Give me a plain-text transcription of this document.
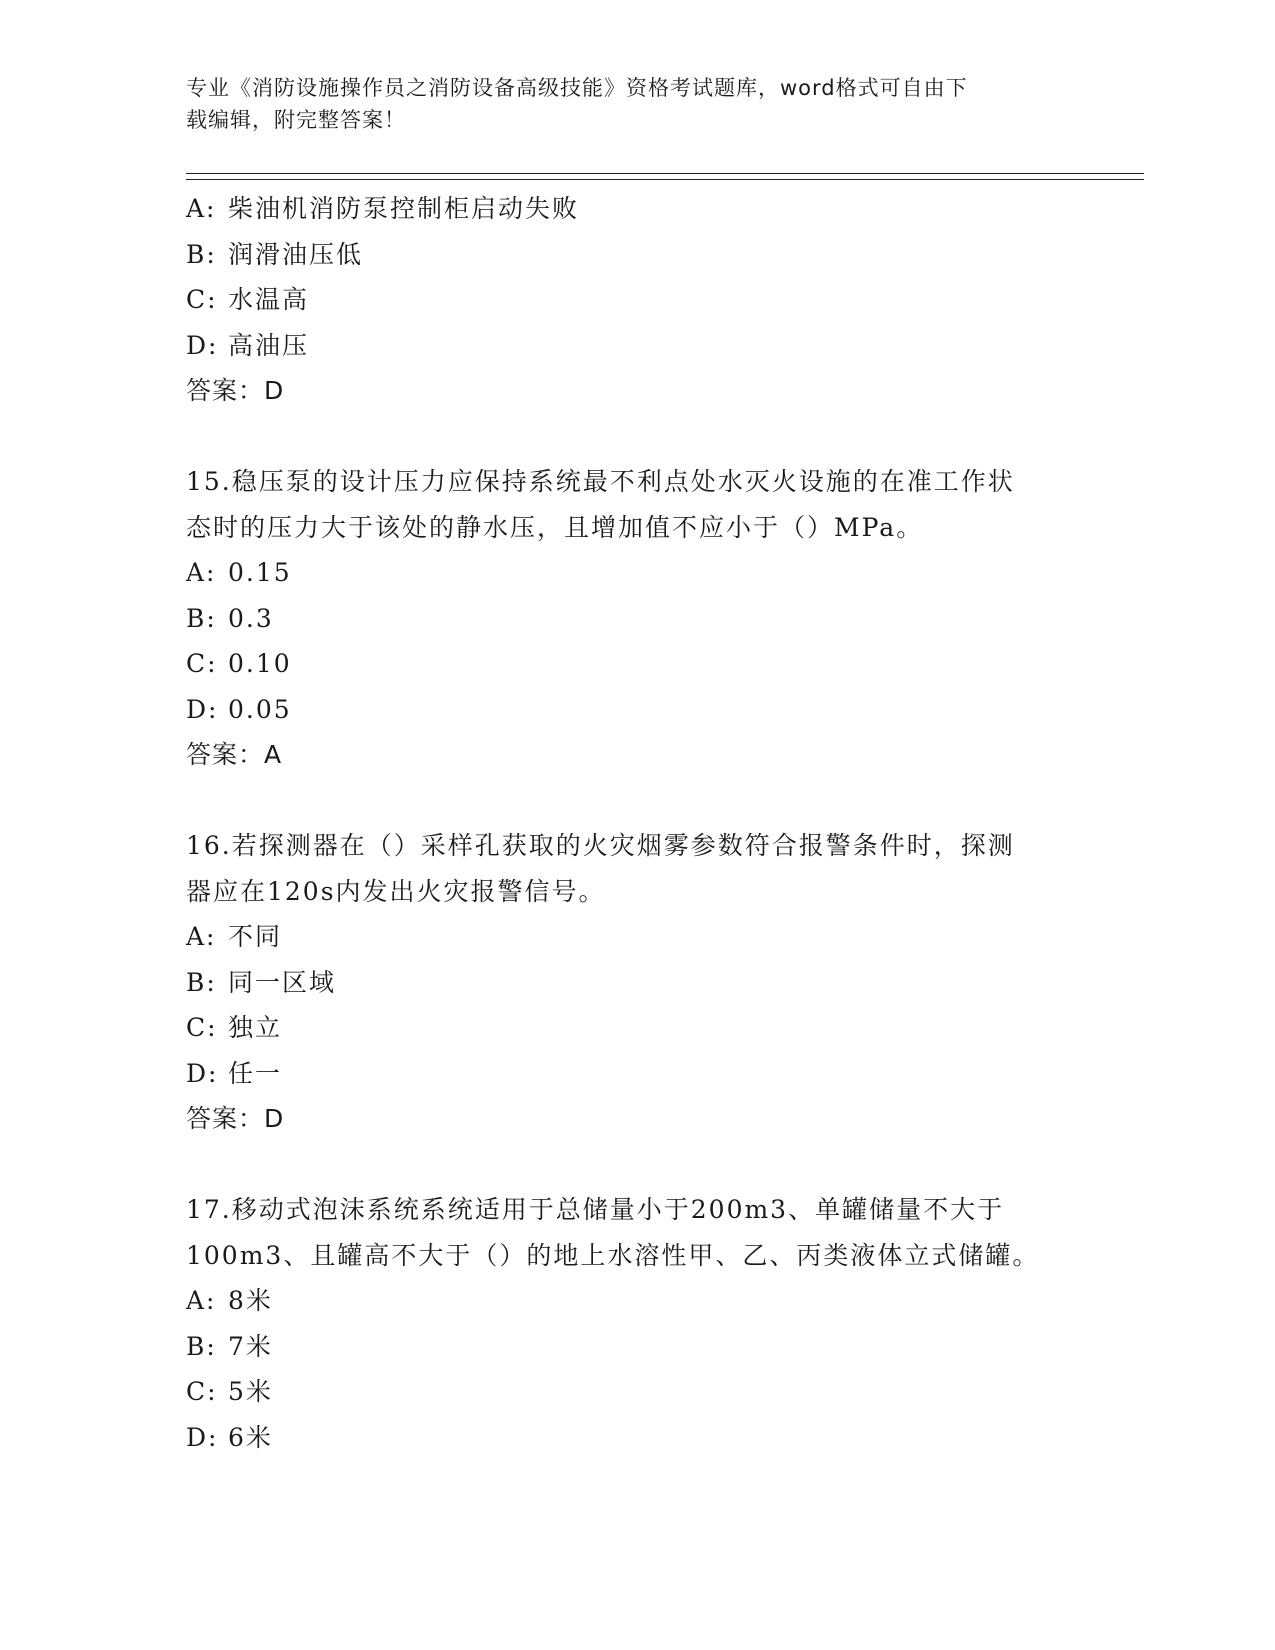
专业《消防设施操作员之消防设备高级技能》资格考试题库，word格式可自由下
载编辑，附完整答案！
A: 柴油机消防泵控制柜启动失败
B: 润滑油压低
C: 水温高
D: 高油压
答案：D
15.稳压泵的设计压力应保持系统最不利点处水灭火设施的在准工作状
态时的压力大于该处的静水压，且增加值不应小于（）MPa。
A: 0.15
B: 0.3
C: 0.10
D: 0.05
答案：A
16.若探测器在（）采样孔获取的火灾烟雾参数符合报警条件时，探测
器应在120s内发出火灾报警信号。
A: 不同
B: 同一区域
C: 独立
D: 任一
答案：D
17.移动式泡沫系统系统适用于总储量小于200m3、单罐储量不大于
100m3、且罐高不大于（）的地上水溶性甲、乙、丙类液体立式储罐。
A: 8米
B: 7米
C: 5米
D: 6米
